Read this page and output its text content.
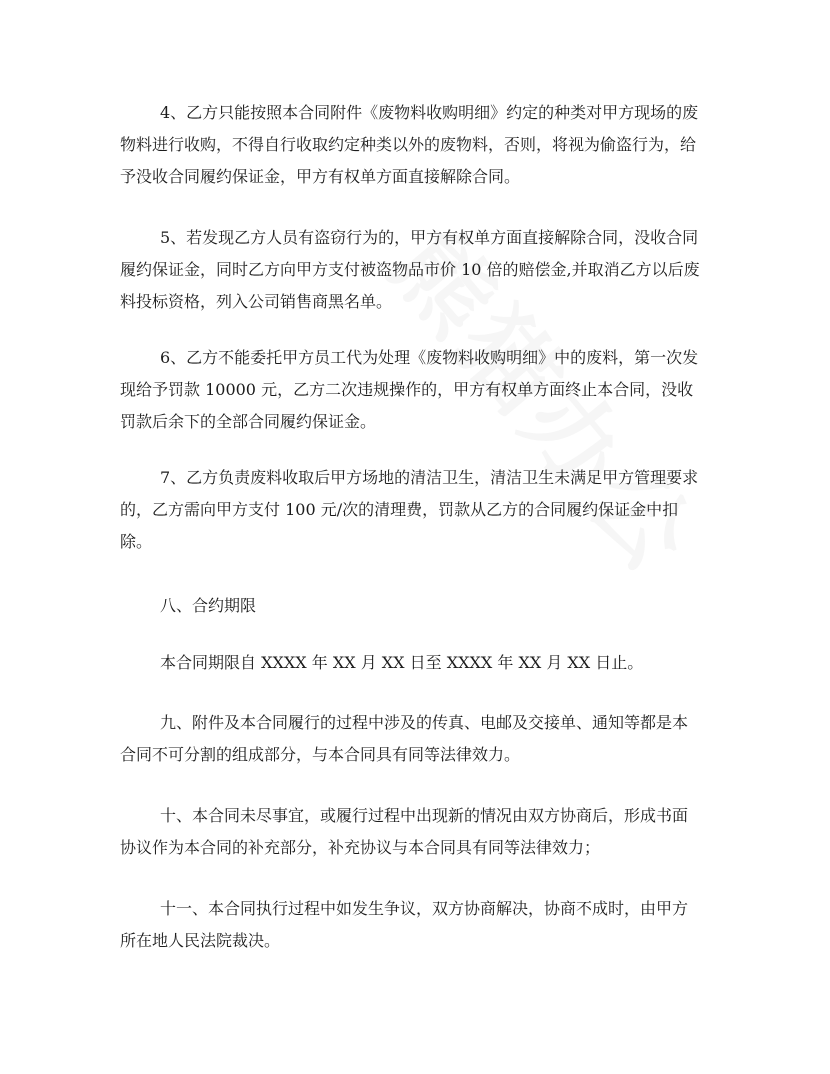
4、乙方只能按照本合同附件《废物料收购明细》约定的种类对甲方现场的废
物料进行收购，不得自行收取约定种类以外的废物料，否则，将视为偷盗行为，给
予没收合同履约保证金，甲方有权单方面直接解除合同。

5、若发现乙方人员有盗窃行为的，甲方有权单方面直接解除合同，没收合同
履约保证金，同时乙方向甲方支付被盗物品市价 10 倍的赔偿金,并取消乙方以后废
料投标资格，列入公司销售商黑名单。

6、乙方不能委托甲方员工代为处理《废物料收购明细》中的废料，第一次发
现给予罚款 10000 元，乙方二次违规操作的，甲方有权单方面终止本合同，没收
罚款后余下的全部合同履约保证金。

7、乙方负责废料收取后甲方场地的清洁卫生，清洁卫生未满足甲方管理要求
的，乙方需向甲方支付 100 元/次的清理费，罚款从乙方的合同履约保证金中扣
除。

八、合约期限

本合同期限自 XXXX 年 XX 月 XX 日至 XXXX 年 XX 月 XX 日止。

九、附件及本合同履行的过程中涉及的传真、电邮及交接单、通知等都是本
合同不可分割的组成部分，与本合同具有同等法律效力。

十、本合同未尽事宜，或履行过程中出现新的情况由双方协商后，形成书面
协议作为本合同的补充部分，补充协议与本合同具有同等法律效力；

十一、本合同执行过程中如发生争议，双方协商解决，协商不成时，由甲方
所在地人民法院裁决。
